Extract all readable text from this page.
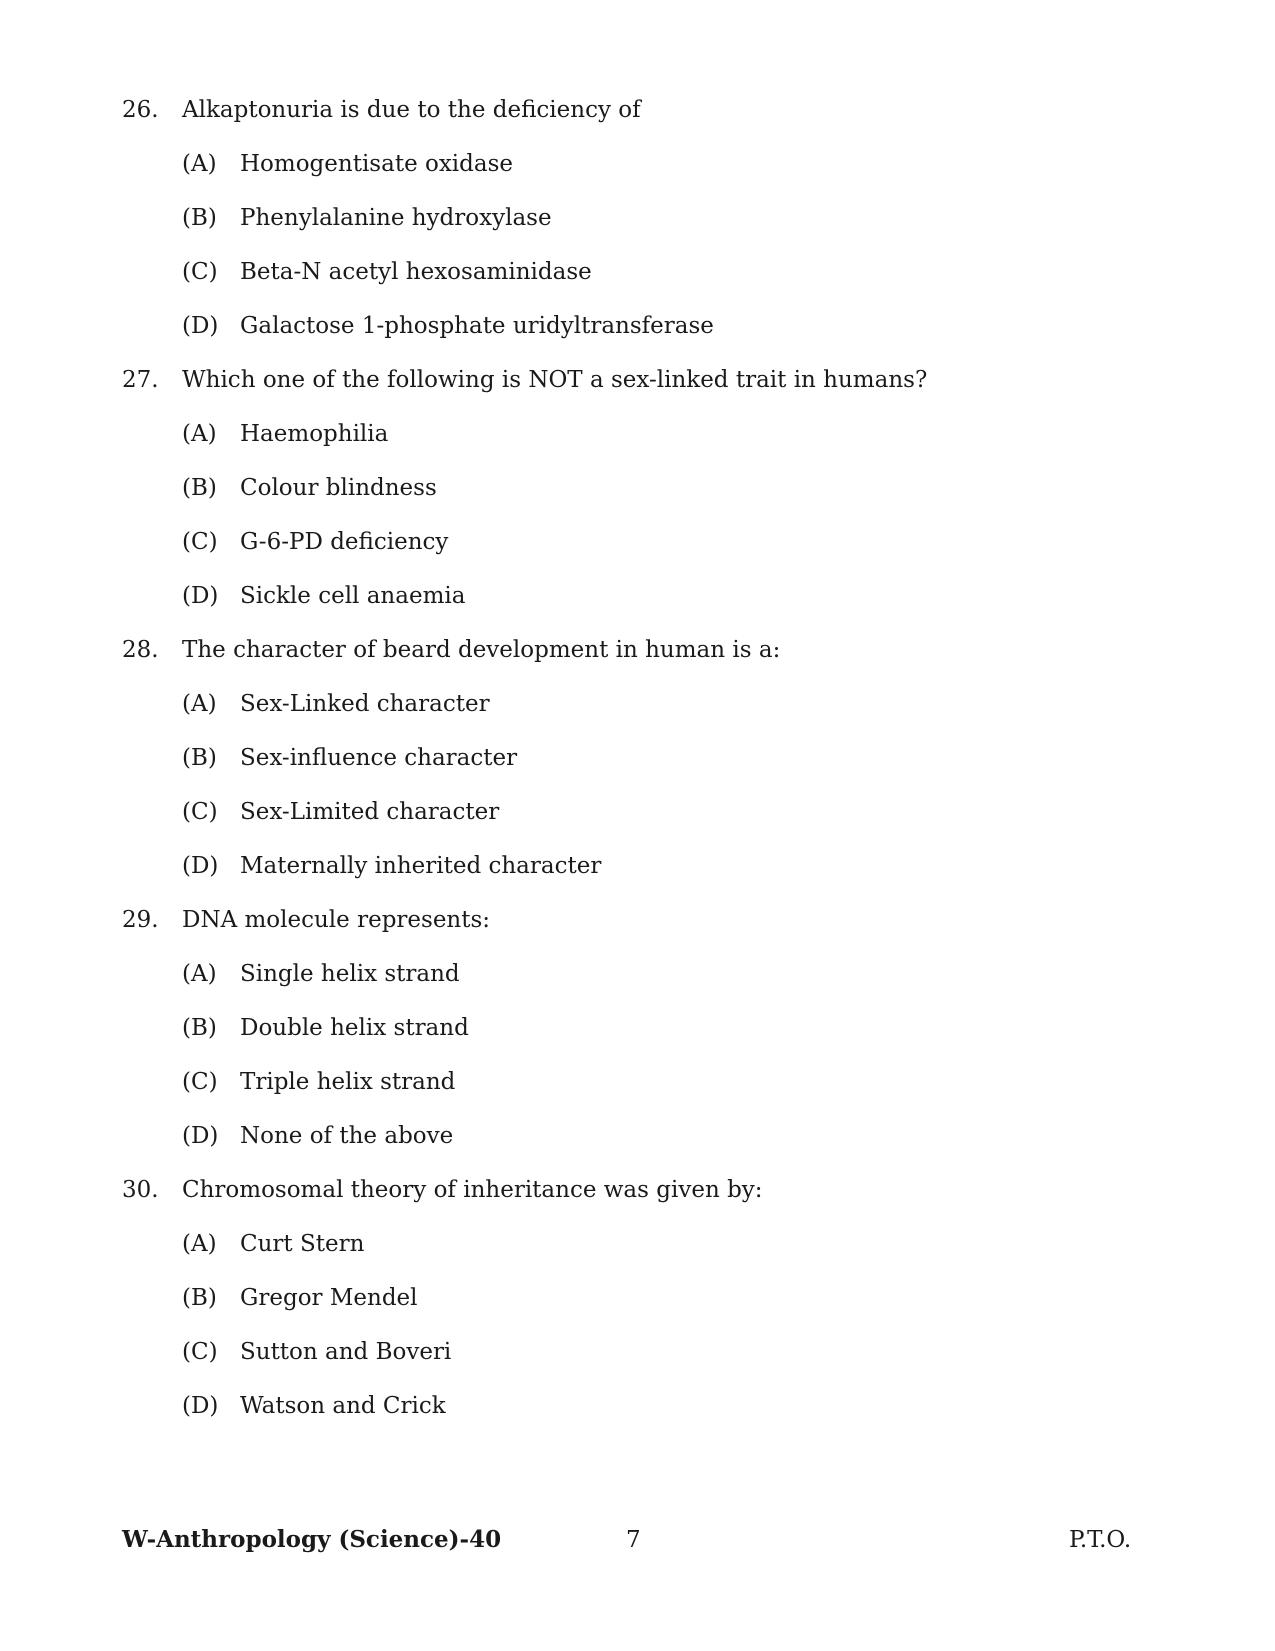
26. Alkaptonuria is due to the deficiency of
(A) Homogentisate oxidase
(B) Phenylalanine hydroxylase
(C) Beta-N acetyl hexosaminidase
(D) Galactose 1-phosphate uridyltransferase
27. Which one of the following is NOT a sex-linked trait in humans?
(A) Haemophilia
(B) Colour blindness
(C) G-6-PD deficiency
(D) Sickle cell anaemia
28. The character of beard development in human is a:
(A) Sex-Linked character
(B) Sex-influence character
(C) Sex-Limited character
(D) Maternally inherited character
29. DNA molecule represents:
(A) Single helix strand
(B) Double helix strand
(C) Triple helix strand
(D) None of the above
30. Chromosomal theory of inheritance was given by:
(A) Curt Stern
(B) Gregor Mendel
(C) Sutton and Boveri
(D) Watson and Crick
W-Anthropology (Science)-40	7	P.T.O.
